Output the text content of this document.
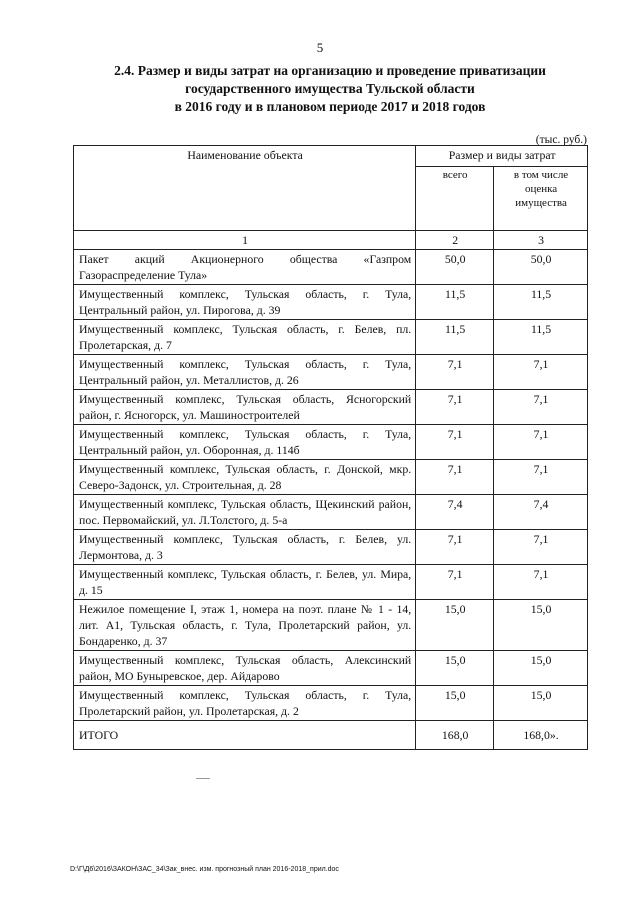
5
2.4. Размер и виды затрат на организацию и проведение приватизации
государственного имущества Тульской области
в 2016 году и в плановом периоде 2017 и 2018 годов
(тыс. руб.)
Наименование объекта	Размер и виды затрат	
	всего	в том числе оценка имущества
1	2	3
Пакет акций Акционерного общества «Газпром Газораспределение Тула»	50,0	50,0
Имущественный комплекс, Тульская область, г. Тула, Центральный район, ул. Пирогова, д. 39	11,5	11,5
Имущественный комплекс, Тульская область, г. Белев, пл. Пролетарская, д. 7	11,5	11,5
Имущественный комплекс, Тульская область, г. Тула, Центральный район, ул. Металлистов, д. 26	7,1	7,1
Имущественный комплекс, Тульская область, Ясногорский район, г. Ясногорск, ул. Машиностроителей	7,1	7,1
Имущественный комплекс, Тульская область, г. Тула, Центральный район, ул. Оборонная, д. 114б	7,1	7,1
Имущественный комплекс, Тульская область, г. Донской, мкр. Северо-Задонск, ул. Строительная, д. 28	7,1	7,1
Имущественный комплекс, Тульская область, Щекинский район, пос. Первомайский, ул. Л.Толстого, д. 5-а	7,4	7,4
Имущественный комплекс, Тульская область, г. Белев, ул. Лермонтова, д. 3	7,1	7,1
Имущественный комплекс, Тульская область, г. Белев, ул. Мира, д. 15	7,1	7,1
Нежилое помещение I, этаж 1, номера на поэт. плане № 1 - 14, лит. А1, Тульская область, г. Тула, Пролетарский район, ул. Бондаренко, д. 37	15,0	15,0
Имущественный комплекс, Тульская область, Алексинский район, МО Буныревское, дер. Айдарово	15,0	15,0
Имущественный комплекс, Тульская область, г. Тула, Пролетарский район, ул. Пролетарская, д. 2	15,0	15,0
ИТОГО	168,0	168,0».
D:\Г\Д6\2016\ЗАКОН\ЗАС_34\Зак_внес. изм. прогнозный план 2016-2018_прил.doc
